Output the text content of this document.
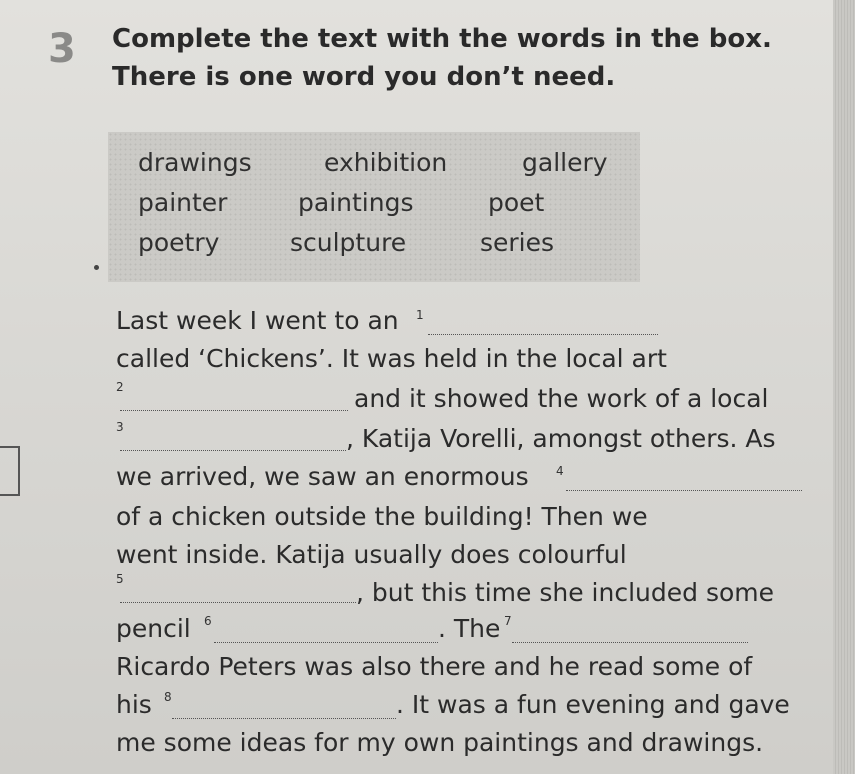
3 Complete the text with the words in the box.
There is one word you don’t need.
drawings	exhibition	gallery
painter	paintings	poet
poetry	sculpture	series
Last week I went to an 1
called ‘Chickens’. It was held in the local art
2	and it showed the work of a local
3	, Katija Vorelli, amongst others. As
we arrived, we saw an enormous 4
of a chicken outside the building! Then we
went inside. Katija usually does colourful
5	, but this time she included some
pencil 6	. The 7
Ricardo Peters was also there and he read some of
his 8	. It was a fun evening and gave
me some ideas for my own paintings and drawings.
